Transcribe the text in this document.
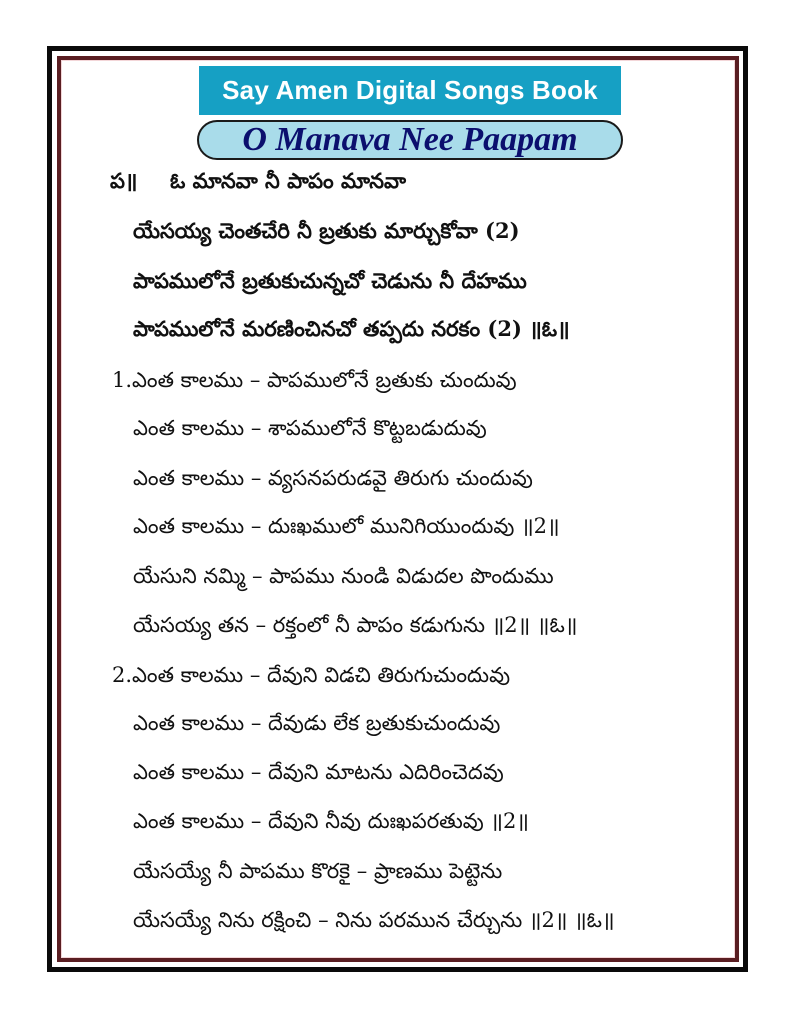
Say Amen Digital Songs Book
O Manava Nee Paapam
ప॥ ఓ మానవా నీ పాపం మానవా
యేసయ్య చెంతచేరి నీ బ్రతుకు మార్చుకోవా (2)
పాపములోనే బ్రతుకుచున్నచో చెడును నీ దేహము
పాపములోనే మరణించినచో తప్పదు నరకం (2) ॥ఓ॥
1.ఎంత కాలము – పాపములోనే బ్రతుకు చుందువు
ఎంత కాలము – శాపములోనే కొట్టబడుదువు
ఎంత కాలము – వ్యసనపరుడవై తిరుగు చుందువు
ఎంత కాలము – దుఃఖములో మునిగియుందువు ॥2॥
యేసుని నమ్మి – పాపము నుండి విడుదల పొందుము
యేసయ్య తన – రక్తంలో నీ పాపం కడుగును ॥2॥ ॥ఓ॥
2.ఎంత కాలము – దేవుని విడచి తిరుగుచుందువు
ఎంత కాలము – దేవుడు లేక బ్రతుకుచుందువు
ఎంత కాలము – దేవుని మాటను ఎదిరించెదవు
ఎంత కాలము – దేవుని నీవు దుఃఖపరతువు ॥2॥
యేసయ్యే నీ పాపము కొరకై – ప్రాణము పెట్టెను
యేసయ్యే నిను రక్షించి – నిను పరమున చేర్చును ॥2॥ ॥ఓ॥
